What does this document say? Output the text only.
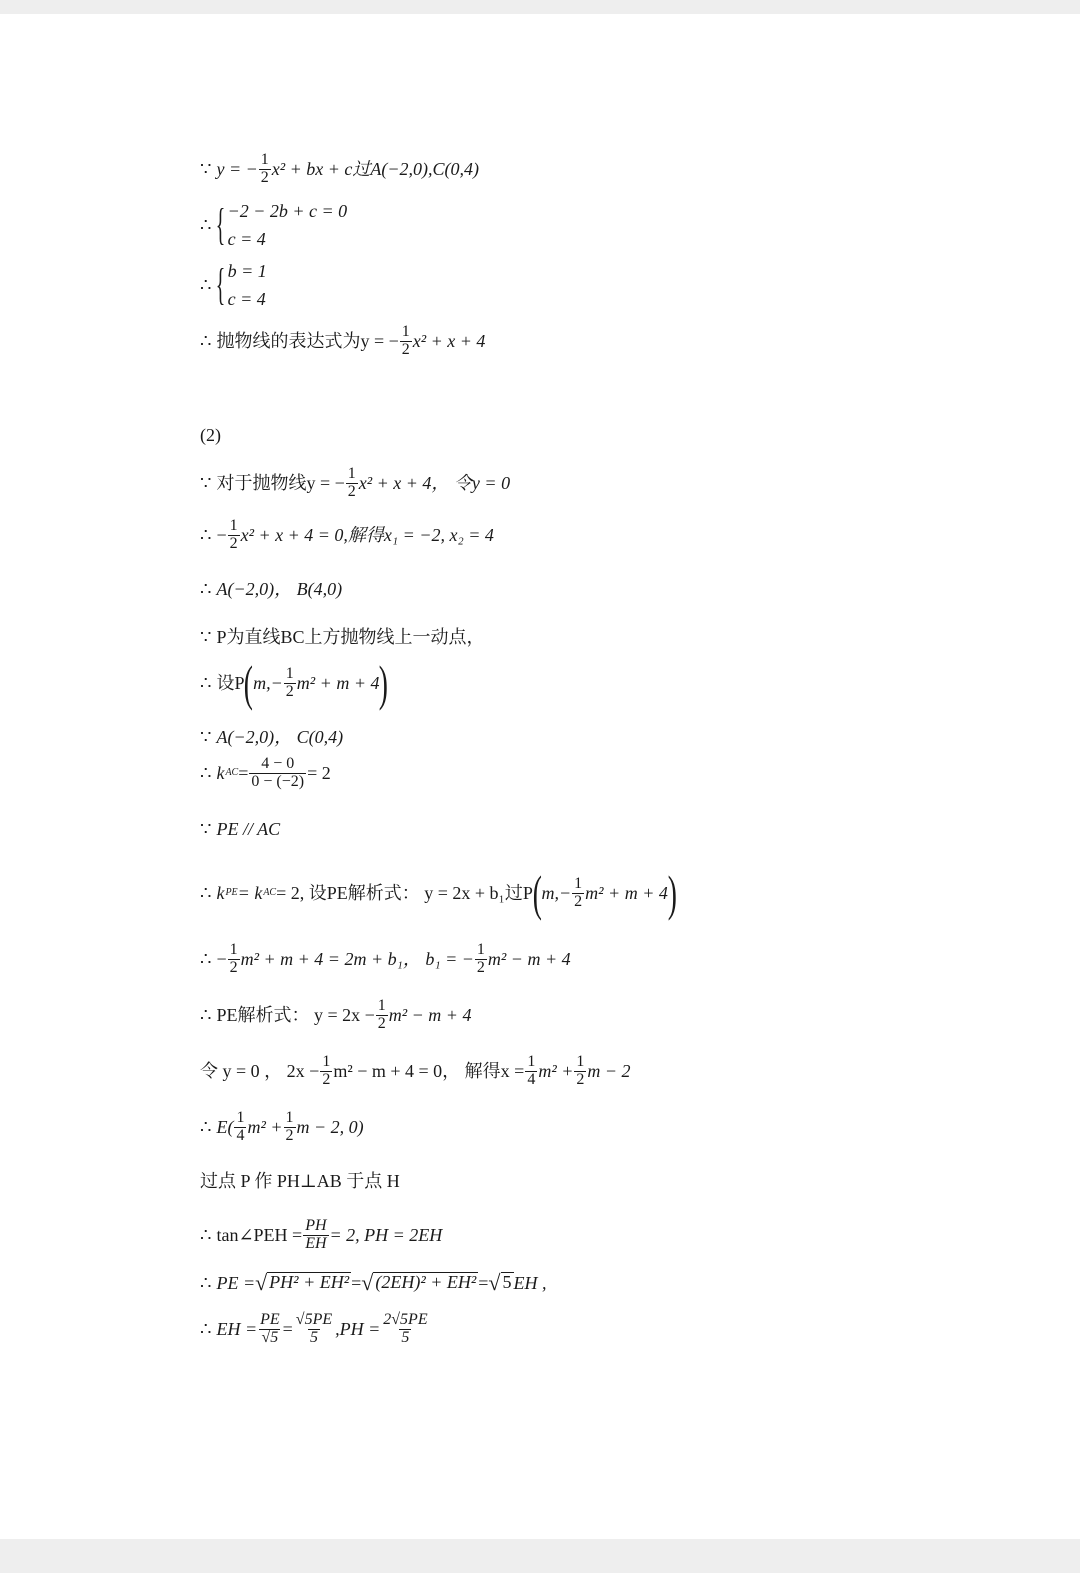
∵ y = − $\frac{1}{2} x^2$ + bx + c过A(−2,0),C(0,4)
∴ { −2 − 2b + c = 0
c = 4
∴ { b = 1
c = 4
∴ 抛物线的表达式为y = − $\frac{1}{2} x^2 + x + 4$
(2)
∵ 对于抛物线y = − $\frac{1}{2} x^2 + x + 4$， 令y = 0
∴ − $\frac{1}{2} x^2 + x + 4 = 0$,解得x₁ = −2, x₂ = 4
∴ A(−2,0)， B(4,0)
∵ P为直线BC上方抛物线上一动点，
∴ 设P ( $m,- \frac{1}{2} m^2 + m + 4$ )
∵ A(−2,0)， C(0,4)
∴ k AC = $\frac{4 - 0}{0 - (-2)} = 2$
∵ PE // AC
∴ k PE = k AC = 2, 设PE解析式： y = 2x + b₁过P ( $m,- \frac{1}{2} m^2 + m + 4$ )
∴ − $\frac{1}{2} m^2 + m + 4 = 2m + b_1$， b₁ = − $\frac{1}{2} m^2 - m + 4$
∴ PE解析式： $y = 2x - \frac{1}{2} m^2 - m + 4$
令 y = 0 ， $2x - \frac{1}{2} m^2 - m + 4 = 0$， 解得$x = \frac{1}{4} m^2 + \frac{1}{2}$ m − 2
∴ $E( \frac{1}{4} m^2 + \frac{1}{2}$ m − 2, 0)
过点 P 作 PH⊥AB 于点 H
∴ tan∠PEH = $\frac{PH}{EH} = 2$, PH = 2EH
∴ PE = √ PH² + EH² = √ (2EH)² + EH² = √ 5 EH ,
∴ EH = $\frac{PE}{√5} = \frac{√5PE}{5} ,PH = \frac{2√5PE}{5}$
